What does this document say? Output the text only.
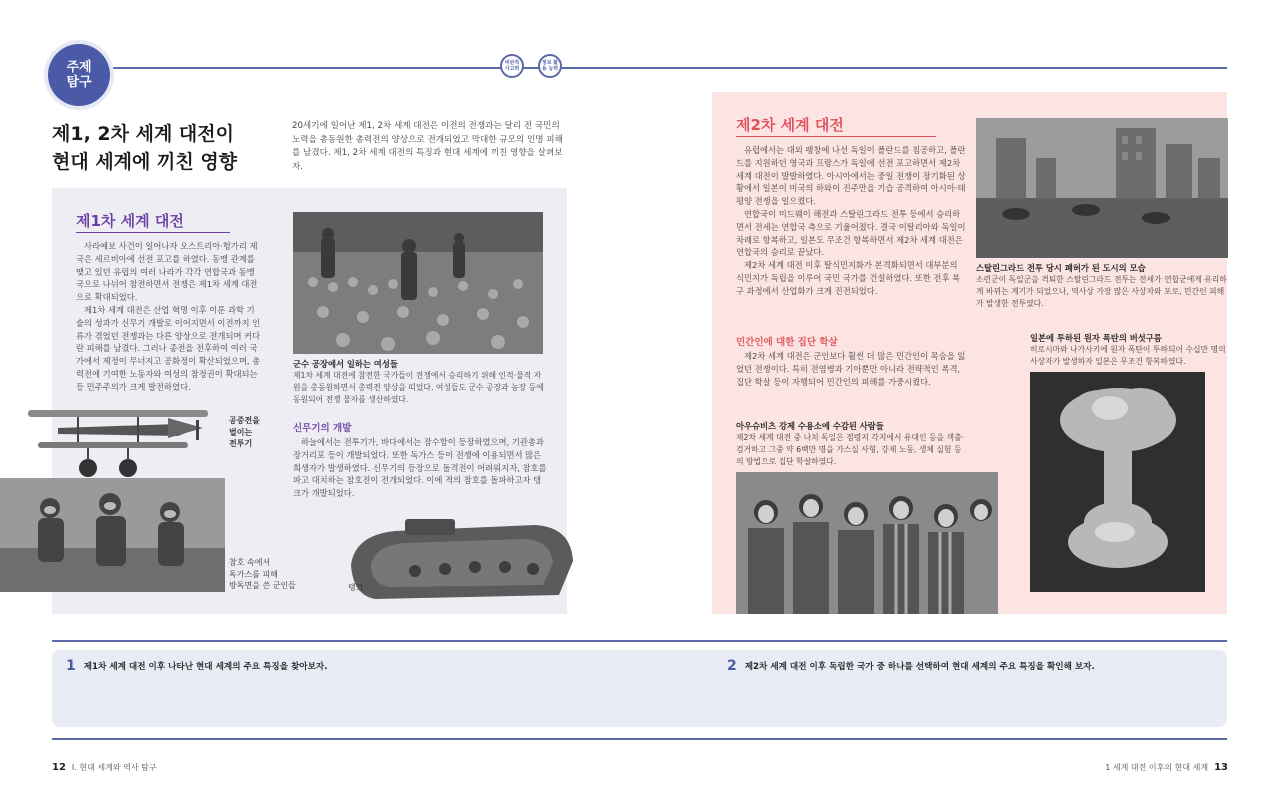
주제
탐구
비판적 사고력
정보 활용 능력
제1, 2차 세계 대전이
현대 세계에 끼친 영향
20세기에 일어난 제1, 2차 세계 대전은 이전의 전쟁과는 달리 전 국민의 노력을 총동원한 총력전의 양상으로 전개되었고 막대한 규모의 인명 피해를 남겼다. 제1, 2차 세계 대전의 특징과 현대 세계에 끼친 영향을 살펴보자.
제1차 세계 대전

사라예보 사건이 일어나자 오스트리아·헝가리 제국은 세르비아에 선전 포고를 하였다. 동맹 관계를 맺고 있던 유럽의 여러 나라가 각각 연합국과 동맹국으로 나뉘어 참전하면서 전쟁은 제1차 세계 대전으로 확대되었다.

제1차 세계 대전은 산업 혁명 이후 이룬 과학 기술의 성과가 신무기 개발로 이어지면서 이전까지 인류가 겪었던 전쟁과는 다른 양상으로 전개되며 커다란 피해를 남겼다. 그러나 종전을 전후하여 여러 국가에서 제정이 무너지고 공화정이 확산되었으며, 총력전에 기여한 노동자와 여성의 참정권이 확대되는 등 민주주의가 크게 발전하였다.

군수 공장에서 일하는 여성들
제1차 세계 대전에 참전한 국가들이 전쟁에서 승리하기 위해 인적·물적 자원을 총동원하면서 총력전 양상을 띠었다. 여성들도 군수 공장과 농장 등에 동원되어 전쟁 물자를 생산하였다.
신무기의 개발

하늘에서는 전투기가, 바다에서는 잠수함이 등장하였으며, 기관총과 장거리포 등이 개발되었다. 또한 독가스 등이 전쟁에 이용되면서 많은 희생자가 발생하였다. 신무기의 등장으로 돌격전이 어려워지자, 참호를 파고 대치하는 참호전이 전개되었다. 이에 적의 참호를 돌파하고자 탱크가 개발되었다.

공중전을
벌이는
전투기
참호 속에서
독가스를 피해
방독면을 쓴 군인들	탱크
제2차 세계 대전

유럽에서는 대외 팽창에 나선 독일이 폴란드를 침공하고, 폴란드를 지원하던 영국과 프랑스가 독일에 선전 포고하면서 제2차 세계 대전이 발발하였다. 아시아에서는 중일 전쟁이 장기화된 상황에서 일본이 미국의 하와이 진주만을 기습 공격하여 아시아·태평양 전쟁을 일으켰다.

연합국이 미드웨이 해전과 스탈린그라드 전투 등에서 승리하면서 전세는 연합국 측으로 기울어졌다. 결국 이탈리아와 독일이 차례로 항복하고, 일본도 무조건 항복하면서 제2차 세계 대전은 연합국의 승리로 끝났다.

제2차 세계 대전 이후 탈식민지화가 본격화되면서 대부분의 식민지가 독립을 이루어 국민 국가를 건설하였다. 또한 전후 복구 과정에서 산업화가 크게 진전되었다.

스탈린그라드 전투 당시 폐허가 된 도시의 모습
소련군이 독일군을 격퇴한 스탈린그라드 전투는 전세가 연합군에게 유리하게 바뀌는 계기가 되었으나, 역사상 가장 많은 사상자와 포로, 민간인 피해가 발생한 전투였다.
민간인에 대한 집단 학살

제2차 세계 대전은 군인보다 훨씬 더 많은 민간인이 목숨을 잃었던 전쟁이다. 특히 전염병과 기아뿐만 아니라 전략적인 폭격, 집단 학살 등이 자행되어 민간인의 피해를 가중시켰다.

아우슈비츠 강제 수용소에 수감된 사람들
제2차 세계 대전 중 나치 독일은 점령지 각지에서 유대인 등을 색출·검거하고 그중 약 6백만 명을 가스실 사형, 강제 노동, 생체 실험 등의 방법으로 집단 학살하였다.
일본에 투하된 원자 폭탄의 버섯구름
히로시마와 나가사키에 원자 폭탄이 투하되어 수십만 명의 사상자가 발생하자 일본은 무조건 항복하였다.
1 제1차 세계 대전 이후 나타난 현대 세계의 주요 특징을 찾아보자.	2 제2차 세계 대전 이후 독립한 국가 중 하나를 선택하여 현대 세계의 주요 특징을 확인해 보자.
12 I. 현대 세계와 역사 탐구	1 세계 대전 이후의 현대 세계 13
